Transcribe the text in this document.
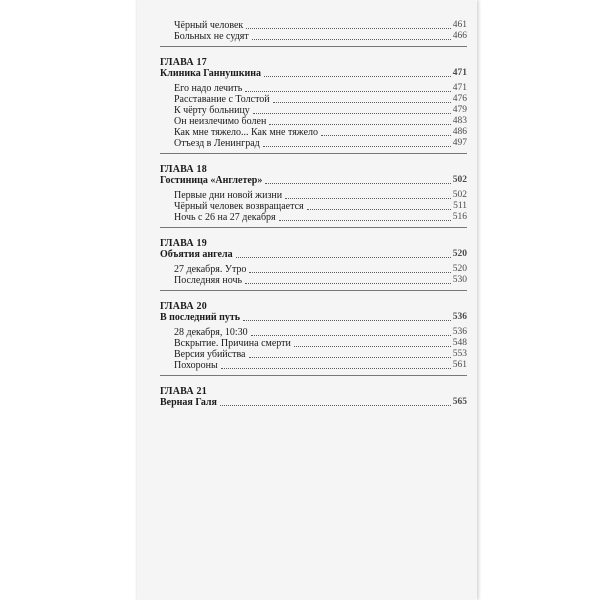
Чёрный человек	461
Больных не судят	466
ГЛАВА 17
Клиника Ганнушкина	471
Его надо лечить	471
Расставание с Толстой	476
К чёрту больницу	479
Он неизлечимо болен	483
Как мне тяжело... Как мне тяжело	486
Отъезд в Ленинград	497
ГЛАВА 18
Гостиница «Англетер»	502
Первые дни новой жизни	502
Чёрный человек возвращается	511
Ночь с 26 на 27 декабря	516
ГЛАВА 19
Объятия ангела	520
27 декабря. Утро	520
Последняя ночь	530
ГЛАВА 20
В последний путь	536
28 декабря, 10:30	536
Вскрытие. Причина смерти	548
Версия убийства	553
Похороны	561
ГЛАВА 21
Верная Галя	565
